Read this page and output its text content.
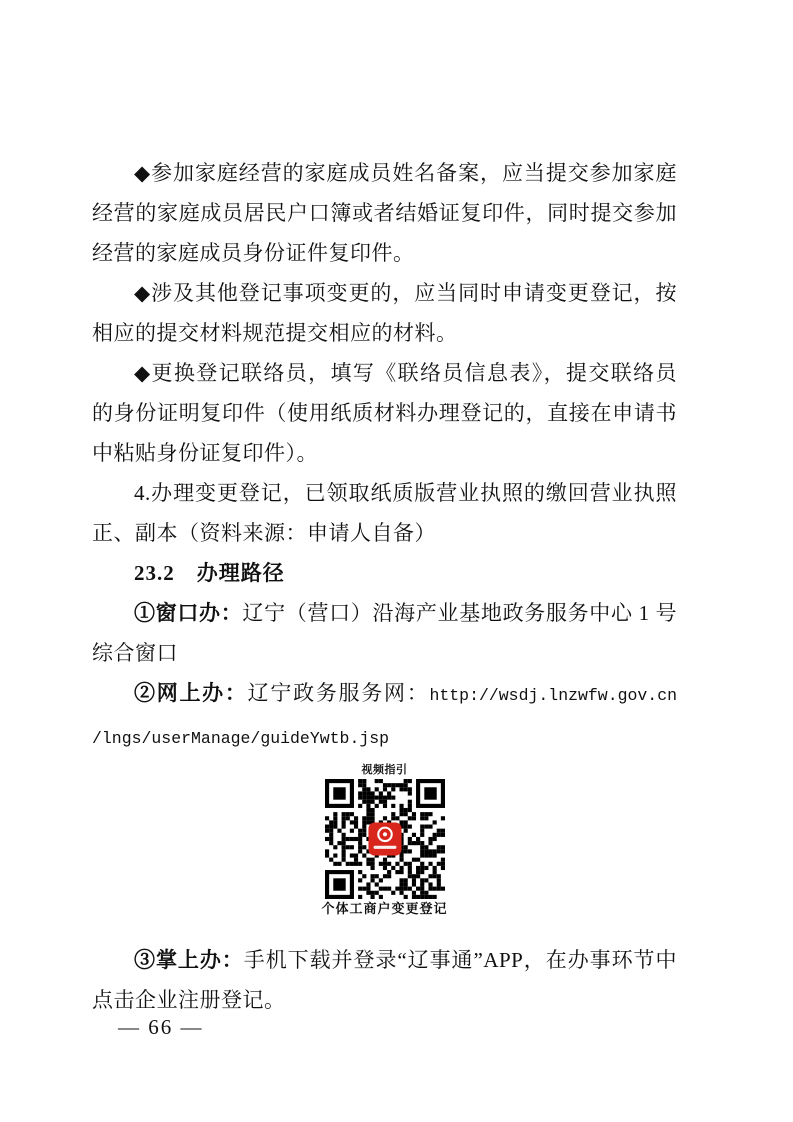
◆参加家庭经营的家庭成员姓名备案，应当提交参加家庭经营的家庭成员居民户口簿或者结婚证复印件，同时提交参加经营的家庭成员身份证件复印件。

◆涉及其他登记事项变更的，应当同时申请变更登记，按相应的提交材料规范提交相应的材料。

◆更换登记联络员，填写《联络员信息表》，提交联络员的身份证明复印件（使用纸质材料办理登记的，直接在申请书中粘贴身份证复印件）。

4.办理变更登记，已领取纸质版营业执照的缴回营业执照正、副本（资料来源：申请人自备）

23.2　办理路径

①窗口办：辽宁（营口）沿海产业基地政务服务中心 1 号综合窗口

②网上办：辽宁政务服务网：http://wsdj.lnzwfw.gov.cn/lngs/userManage/guideYwtb.jsp

视频指引
个体工商户变更登记

③掌上办：手机下载并登录“辽事通”APP，在办事环节中点击企业注册登记。

— 66 —
